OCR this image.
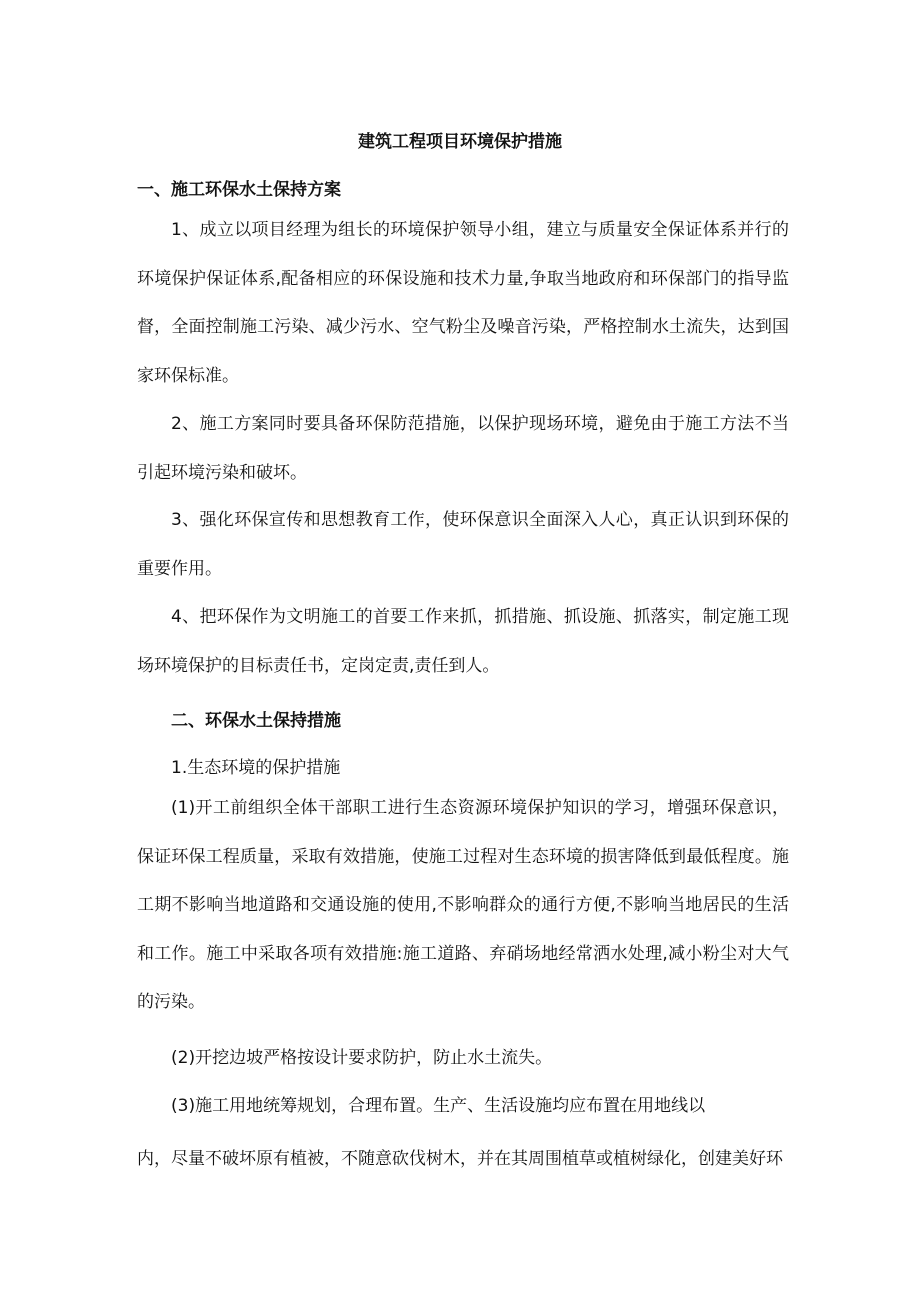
建筑工程项目环境保护措施
一、施工环保水土保持方案

1、成立以项目经理为组长的环境保护领导小组，建立与质量安全保证体系并行的环境保护保证体系,配备相应的环保设施和技术力量,争取当地政府和环保部门的指导监督，全面控制施工污染、减少污水、空气粉尘及噪音污染，严格控制水土流失，达到国家环保标准。

2、施工方案同时要具备环保防范措施，以保护现场环境，避免由于施工方法不当引起环境污染和破坏。

3、强化环保宣传和思想教育工作，使环保意识全面深入人心，真正认识到环保的重要作用。

4、把环保作为文明施工的首要工作来抓，抓措施、抓设施、抓落实，制定施工现场环境保护的目标责任书，定岗定责,责任到人。

二、环保水土保持措施
1.生态环境的保护措施

(1)开工前组织全体干部职工进行生态资源环境保护知识的学习，增强环保意识，保证环保工程质量，采取有效措施，使施工过程对生态环境的损害降低到最低程度。施工期不影响当地道路和交通设施的使用,不影响群众的通行方便,不影响当地居民的生活和工作。施工中采取各项有效措施:施工道路、弃硝场地经常洒水处理,减小粉尘对大气的污染。

(2)开挖边坡严格按设计要求防护，防止水土流失。
(3)施工用地统筹规划，合理布置。生产、生活设施均应布置在用地线以
内，尽量不破坏原有植被，不随意砍伐树木，并在其周围植草或植树绿化，创建美好环
